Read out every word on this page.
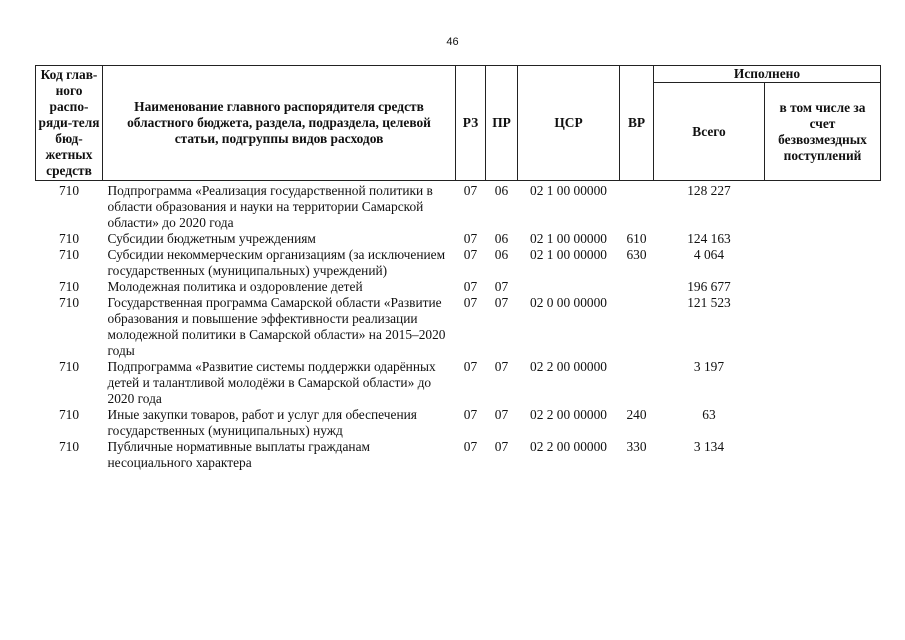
46
Код глав-ного распо-ряди-теля бюд-жетных средств	Наименование главного распорядителя средств областного бюджета, раздела, подраздела, целевой статьи, подгруппы видов расходов	РЗ	ПР	ЦСР	ВР	Исполнено	
						Всего	в том числе за счет безвозмездных поступлений
710	Подпрограмма «Реализация государственной политики в области образования и науки на территории Самарской области» до 2020 года	07	06	02 1 00 00000		128 227	
710	Субсидии бюджетным учреждениям	07	06	02 1 00 00000	610	124 163	
710	Субсидии некоммерческим организациям (за исключением государственных (муниципальных) учреждений)	07	06	02 1 00 00000	630	4 064	
710	Молодежная политика и оздоровление детей	07	07			196 677	
710	Государственная программа Самарской области «Развитие образования и повышение эффективности реализации молодежной политики в Самарской области» на 2015–2020 годы	07	07	02 0 00 00000		121 523	
710	Подпрограмма «Развитие системы поддержки одарённых детей и талантливой молодёжи в Самарской области» до 2020 года	07	07	02 2 00 00000		3 197	
710	Иные закупки товаров, работ и услуг для обеспечения государственных (муниципальных) нужд	07	07	02 2 00 00000	240	63	
710	Публичные нормативные выплаты гражданам несоциального характера	07	07	02 2 00 00000	330	3 134	
